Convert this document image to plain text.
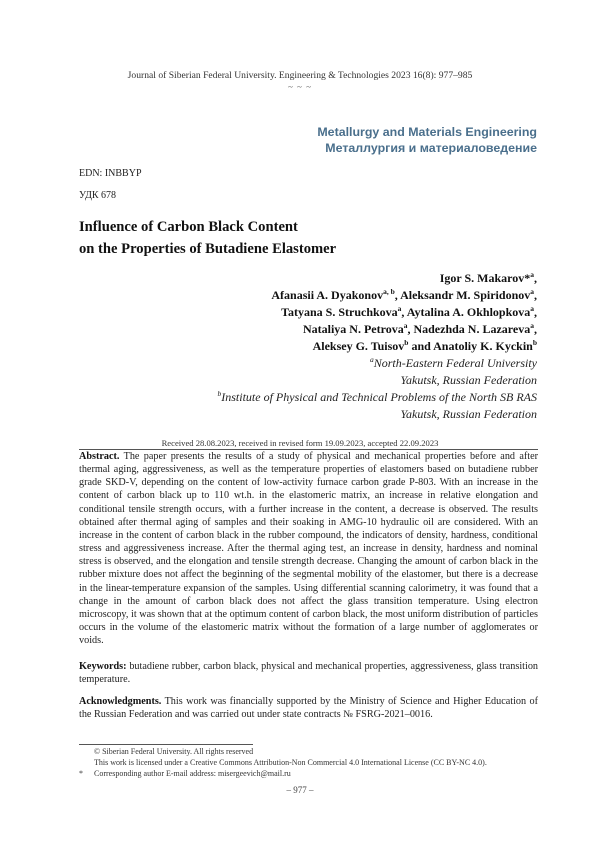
Journal of Siberian Federal University. Engineering & Technologies 2023 16(8): 977–985
~ ~ ~
Metallurgy and Materials Engineering
Металлургия и материаловедение
EDN: INBBYP
УДК 678
Influence of Carbon Black Content
on the Properties of Butadiene Elastomer
Igor S. Makarov*$^a$,
Afanasii A. Dyakonov$^{a, b}$, Aleksandr M. Spiridonov$^a$,
Tatyana S. Struchkova$^a$, Aytalina A. Okhlopkova$^a$,
Nataliya N. Petrova$^a$, Nadezhda N. Lazareva$^a$,
Aleksey G. Tuisov$^b$ and Anatoliy K. Kyckin$^b$
$^a$North-Eastern Federal University
Yakutsk, Russian Federation
$^b$Institute of Physical and Technical Problems of the North SB RAS
Yakutsk, Russian Federation
Received 28.08.2023, received in revised form 19.09.2023, accepted 22.09.2023
Abstract. The paper presents the results of a study of physical and mechanical properties before and after thermal aging, aggressiveness, as well as the temperature properties of elastomers based on butadiene rubber grade SKD-V, depending on the content of low-activity furnace carbon grade P-803. With an increase in the content of carbon black up to 110 wt.h. in the elastomeric matrix, an increase in relative elongation and conditional tensile strength occurs, with a further increase in the content, a decrease is observed. The results obtained after thermal aging of samples and their soaking in AMG-10 hydraulic oil are considered. With an increase in the content of carbon black in the rubber compound, the indicators of density, hardness, conditional stress and aggressiveness increase. After the thermal aging test, an increase in density, hardness and nominal stress is observed, and the elongation and tensile strength decrease. Changing the amount of carbon black in the rubber mixture does not affect the beginning of the segmental mobility of the elastomer, but there is a decrease in the linear-temperature expansion of the samples. Using differential scanning calorimetry, it was found that a change in the amount of carbon black does not affect the glass transition temperature. Using electron microscopy, it was shown that at the optimum content of carbon black, the most uniform distribution of particles occurs in the volume of the elastomeric matrix without the formation of a large number of agglomerates or voids.
Keywords: butadiene rubber, carbon black, physical and mechanical properties, aggressiveness, glass transition temperature.
Acknowledgments. This work was financially supported by the Ministry of Science and Higher Education of the Russian Federation and was carried out under state contracts № FSRG-2021–0016.
© Siberian Federal University. All rights reserved
This work is licensed under a Creative Commons Attribution-Non Commercial 4.0 International License (CC BY-NC 4.0).
* Corresponding author E-mail address: misergeevich@mail.ru
– 977 –
